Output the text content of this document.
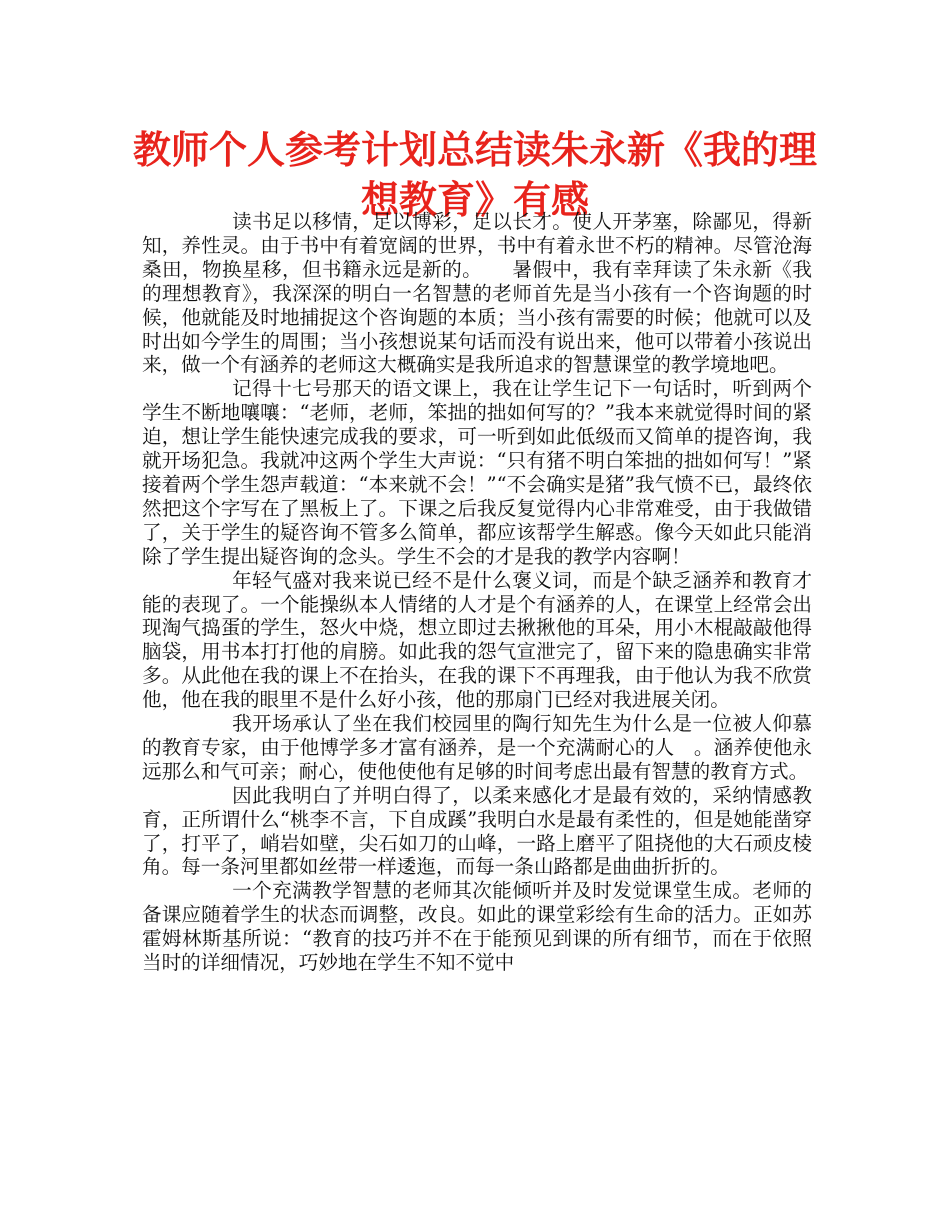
教师个人参考计划总结读朱永新《我的理想教育》有感

读书足以移情，足以博彩，足以长才。使人开茅塞，除鄙见，得新知，养性灵。由于书中有着宽阔的世界，书中有着永世不朽的精神。尽管沧海桑田，物换星移，但书籍永远是新的。　　暑假中，我有幸拜读了朱永新《我的理想教育》，我深深的明白一名智慧的老师首先是当小孩有一个咨询题的时候，他就能及时地捕捉这个咨询题的本质；当小孩有需要的时候；他就可以及时出如今学生的周围；当小孩想说某句话而没有说出来，他可以带着小孩说出来，做一个有涵养的老师这大概确实是我所追求的智慧课堂的教学境地吧。

记得十七号那天的语文课上，我在让学生记下一句话时，听到两个学生不断地嚷嚷：“老师，老师，笨拙的拙如何写的？”我本来就觉得时间的紧迫，想让学生能快速完成我的要求，可一听到如此低级而又简单的提咨询，我就开场犯急。我就冲这两个学生大声说：“只有猪不明白笨拙的拙如何写！”紧接着两个学生怨声载道：“本来就不会！”“不会确实是猪”我气愤不已，最终依然把这个字写在了黑板上了。下课之后我反复觉得内心非常难受，由于我做错了，关于学生的疑咨询不管多么简单，都应该帮学生解惑。像今天如此只能消除了学生提出疑咨询的念头。学生不会的才是我的教学内容啊！

年轻气盛对我来说已经不是什么褒义词，而是个缺乏涵养和教育才能的表现了。一个能操纵本人情绪的人才是个有涵养的人，在课堂上经常会出现淘气捣蛋的学生，怒火中烧，想立即过去揪揪他的耳朵，用小木棍敲敲他得脑袋，用书本打打他的肩膀。如此我的怨气宣泄完了，留下来的隐患确实非常多。从此他在我的课上不在抬头，在我的课下不再理我，由于他认为我不欣赏他，他在我的眼里不是什么好小孩，他的那扇门已经对我进展关闭。

我开场承认了坐在我们校园里的陶行知先生为什么是一位被人仰慕的教育专家，由于他博学多才富有涵养，是一个充满耐心的人　。涵养使他永远那么和气可亲；耐心，使他使他有足够的时间考虑出最有智慧的教育方式。

因此我明白了并明白得了，以柔来感化才是最有效的，采纳情感教育，正所谓什么“桃李不言，下自成蹊”我明白水是最有柔性的，但是她能凿穿了，打平了，峭岩如壁，尖石如刀的山峰，一路上磨平了阻挠他的大石顽皮棱角。每一条河里都如丝带一样逶迤，而每一条山路都是曲曲折折的。

一个充满教学智慧的老师其次能倾听并及时发觉课堂生成。老师的备课应随着学生的状态而调整，改良。如此的课堂彩绘有生命的活力。正如苏霍姆林斯基所说：“教育的技巧并不在于能预见到课的所有细节，而在于依照当时的详细情况，巧妙地在学生不知不觉中
